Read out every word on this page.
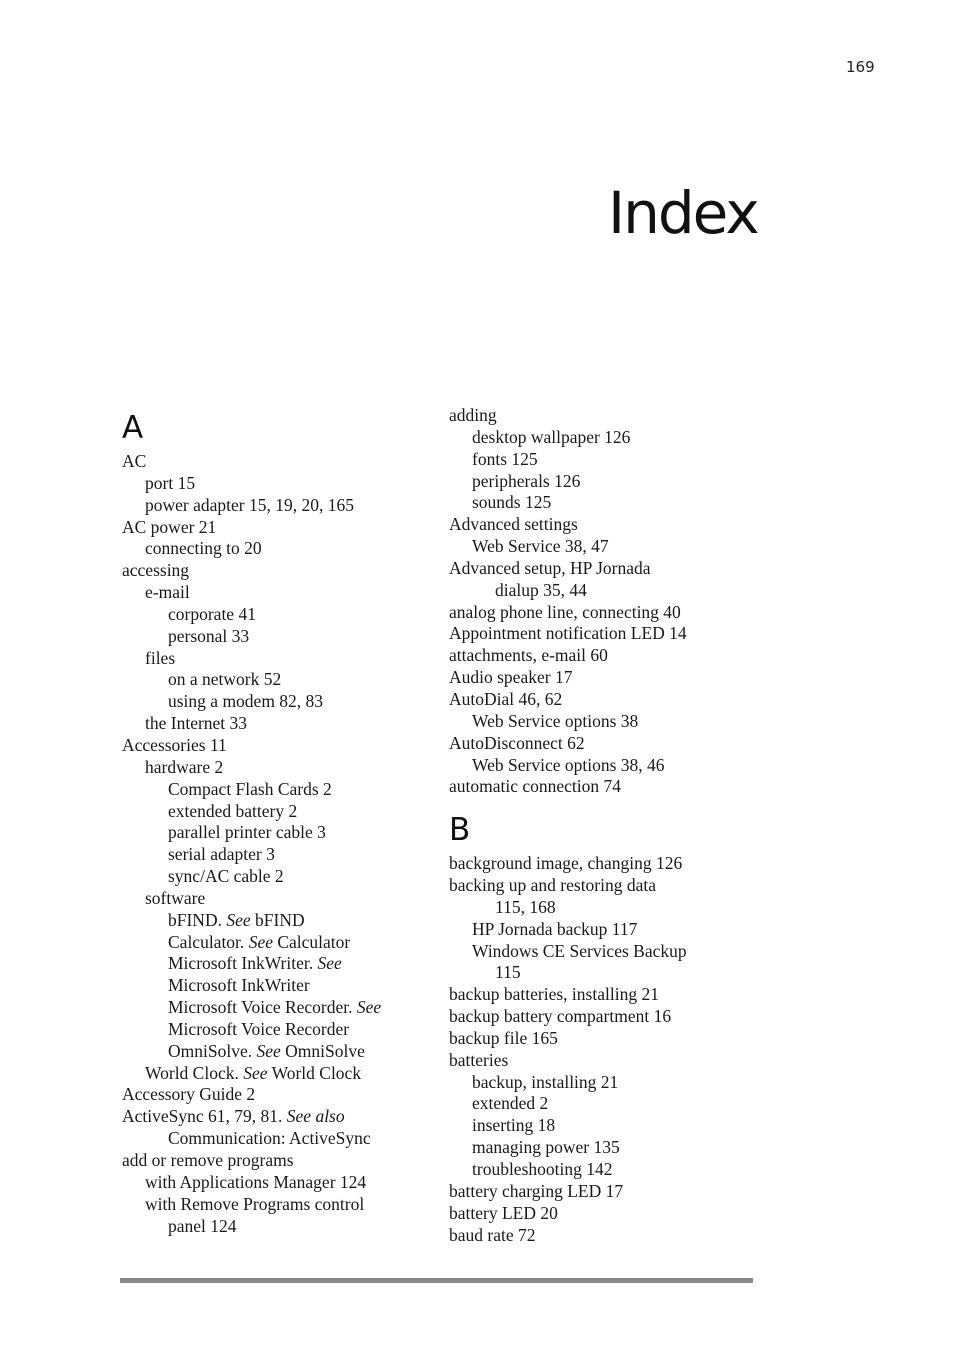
169
Index
A
AC
port 15
power adapter 15, 19, 20, 165
AC power 21
connecting to 20
accessing
e-mail
corporate 41
personal 33
files
on a network 52
using a modem 82, 83
the Internet 33
Accessories 11
hardware 2
Compact Flash Cards 2
extended battery 2
parallel printer cable 3
serial adapter 3
sync/AC cable 2
software
bFIND. See bFIND
Calculator. See Calculator
Microsoft InkWriter. See
Microsoft InkWriter
Microsoft Voice Recorder. See
Microsoft Voice Recorder
OmniSolve. See OmniSolve
World Clock. See World Clock
Accessory Guide 2
ActiveSync 61, 79, 81. See also
Communication: ActiveSync
add or remove programs
with Applications Manager 124
with Remove Programs control
panel 124
adding
desktop wallpaper 126
fonts 125
peripherals 126
sounds 125
Advanced settings
Web Service 38, 47
Advanced setup, HP Jornada
dialup 35, 44
analog phone line, connecting 40
Appointment notification LED 14
attachments, e-mail 60
Audio speaker 17
AutoDial 46, 62
Web Service options 38
AutoDisconnect 62
Web Service options 38, 46
automatic connection 74
B
background image, changing 126
backing up and restoring data
115, 168
HP Jornada backup 117
Windows CE Services Backup
115
backup batteries, installing 21
backup battery compartment 16
backup file 165
batteries
backup, installing 21
extended 2
inserting 18
managing power 135
troubleshooting 142
battery charging LED 17
battery LED 20
baud rate 72
